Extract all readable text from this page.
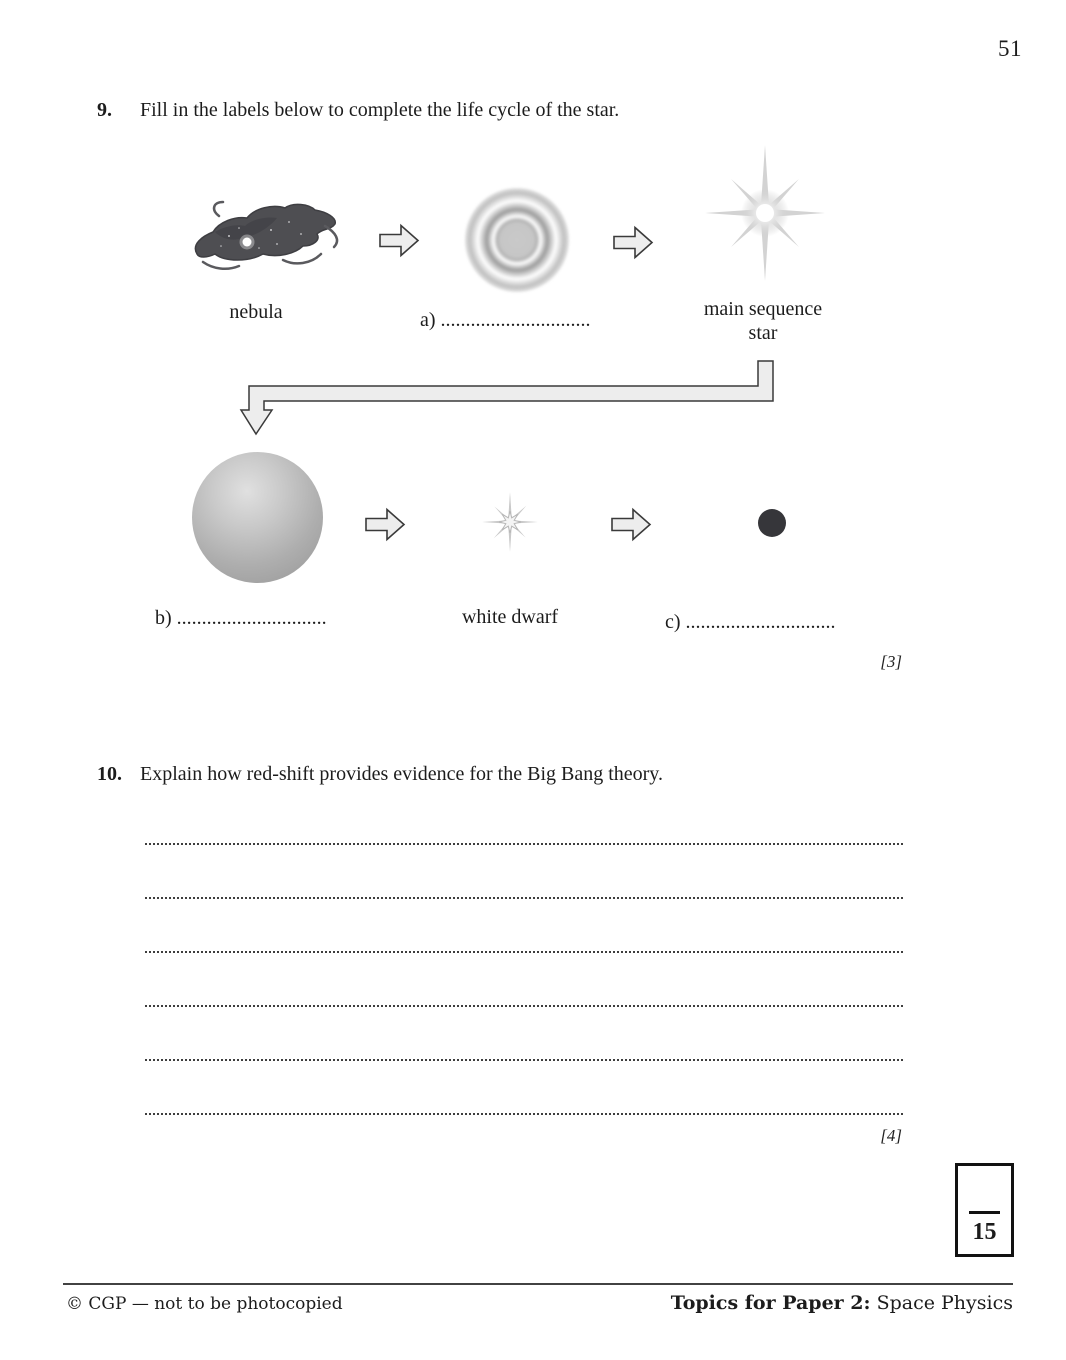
51
9. Fill in the labels below to complete the life cycle of the star.
nebula	a) ..............................	main sequence
star
b) ..............................	white dwarf	c) ..............................
[3]
10. Explain how red-shift provides evidence for the Big Bang theory.
[4]
15
© CGP — not to be photocopied	Topics for Paper 2: Space Physics
